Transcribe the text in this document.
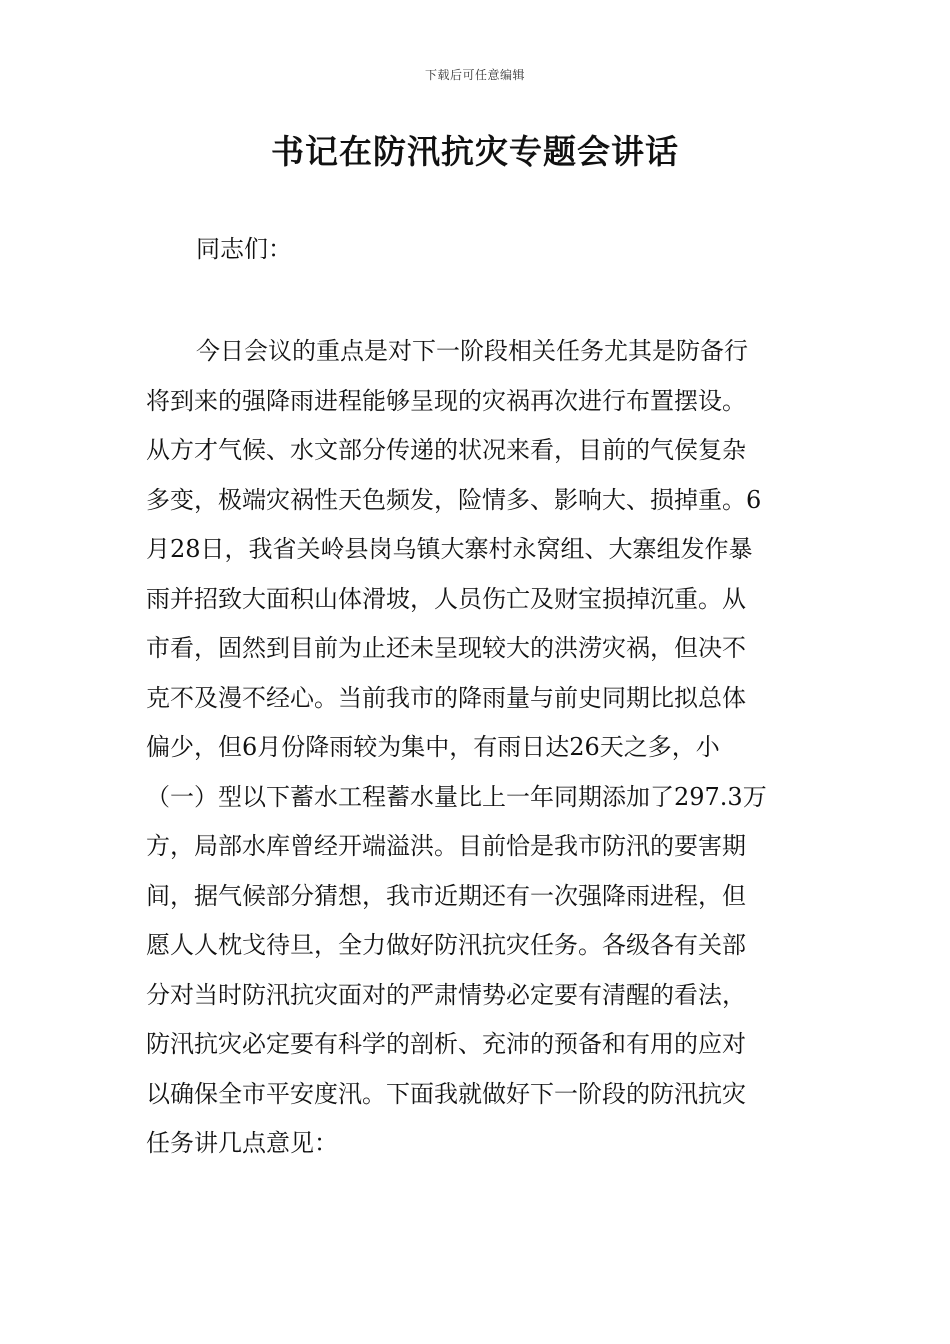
下载后可任意编辑
书记在防汛抗灾专题会讲话
同志们：
今日会议的重点是对下一阶段相关任务尤其是防备行
将到来的强降雨进程能够呈现的灾祸再次进行布置摆设。
从方才气候、水文部分传递的状况来看，目前的气侯复杂
多变，极端灾祸性天色频发，险情多、影响大、损掉重。6
月28日，我省关岭县岗乌镇大寨村永窝组、大寨组发作暴
雨并招致大面积山体滑坡，人员伤亡及财宝损掉沉重。从
市看，固然到目前为止还未呈现较大的洪涝灾祸，但决不
克不及漫不经心。当前我市的降雨量与前史同期比拟总体
偏少，但6月份降雨较为集中，有雨日达26天之多，小
（一）型以下蓄水工程蓄水量比上一年同期添加了297.3万
方，局部水库曾经开端溢洪。目前恰是我市防汛的要害期
间，据气候部分猜想，我市近期还有一次强降雨进程，但
愿人人枕戈待旦，全力做好防汛抗灾任务。各级各有关部
分对当时防汛抗灾面对的严肃情势必定要有清醒的看法，
防汛抗灾必定要有科学的剖析、充沛的预备和有用的应对
以确保全市平安度汛。下面我就做好下一阶段的防汛抗灾
任务讲几点意见：
